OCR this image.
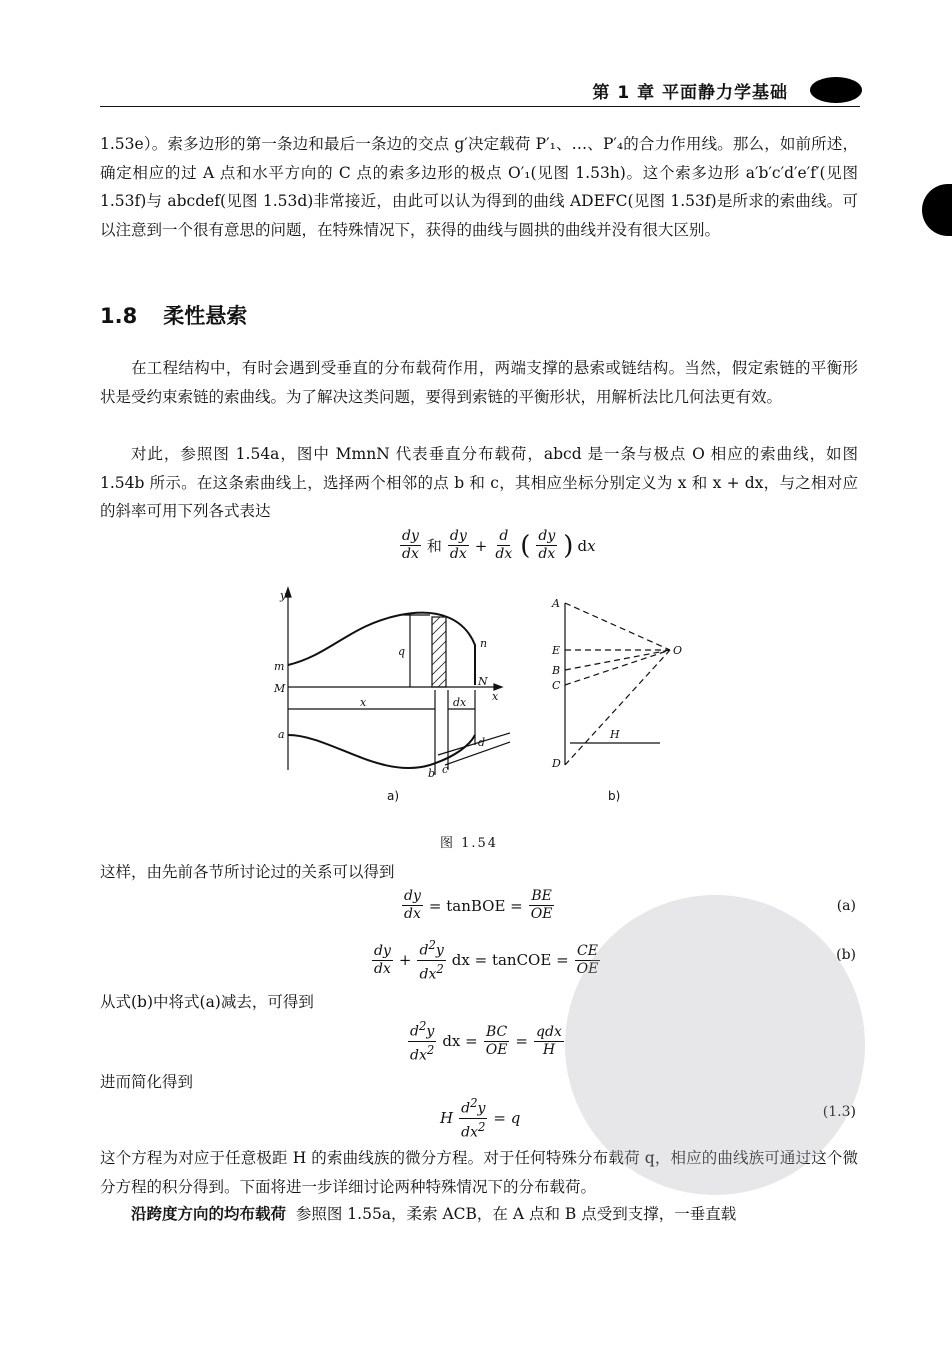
第 1 章 平面静力学基础
1.53e）。索多边形的第一条边和最后一条边的交点 g′决定载荷 P′₁、…、P′₄的合力作用线。那么，如前所述，确定相应的过 A 点和水平方向的 C 点的索多边形的极点 O′₁(见图 1.53h)。这个索多边形 a′b′c′d′e′f′(见图 1.53f)与 abcdef(见图 1.53d)非常接近，由此可以认为得到的曲线 ADEFC(见图 1.53f)是所求的索曲线。可以注意到一个很有意思的问题，在特殊情况下，获得的曲线与圆拱的曲线并没有很大区别。
1.8 柔性悬索
在工程结构中，有时会遇到受垂直的分布载荷作用，两端支撑的悬索或链结构。当然，假定索链的平衡形状是受约束索链的索曲线。为了解决这类问题，要得到索链的平衡形状，用解析法比几何法更有效。
对此，参照图 1.54a，图中 MmnN 代表垂直分布载荷，abcd 是一条与极点 O 相应的索曲线，如图 1.54b 所示。在这条索曲线上，选择两个相邻的点 b 和 c，其相应坐标分别定义为 x 和 x + dx，与之相对应的斜率可用下列各式表达
$\frac{dy}{dx}$ 和 $\frac{dy}{dx} + \frac{d}{dx}$ ( $\frac{dy}{dx}$ ) dx
y
x
m
M
n
N
q
x	dx
a
b c
d
A
E
B
C
D
O
H
a)	b)
图 1.54
这样，由先前各节所讨论过的关系可以得到
$\frac{dy}{dx}$ = tanBOE = $\frac{BE}{OE}$	(a)
$\frac{dy}{dx} + \frac{d^2y}{dx^2}$ dx = tanCOE = $\frac{CE}{OE}$	(b)
从式(b)中将式(a)减去，可得到
$\frac{d^2y}{dx^2}$ dx = $\frac{BC}{OE} = \frac{\text{qdx}}{H}$
进而简化得到
H $\frac{d^2y}{dx^2} = q$	(1.3)
这个方程为对应于任意极距 H 的索曲线族的微分方程。对于任何特殊分布载荷 q，相应的曲线族可通过这个微分方程的积分得到。下面将进一步详细讨论两种特殊情况下的分布载荷。
沿跨度方向的均布载荷 参照图 1.55a，柔索 ACB，在 A 点和 B 点受到支撑，一垂直载
